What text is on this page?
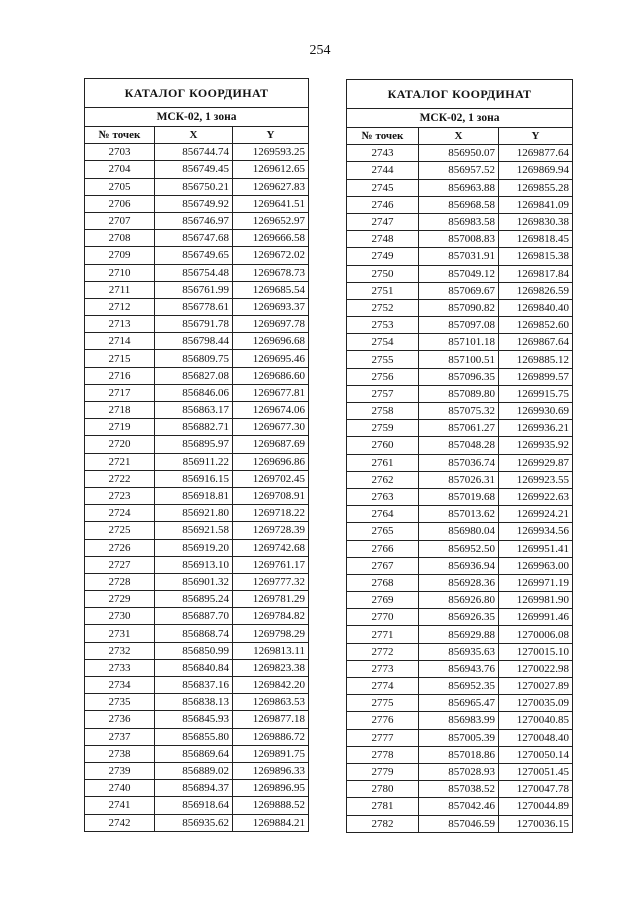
254
КАТАЛОГ КООРДИНАТ		
МСК-02, 1 зона		
№ точек	X	Y
2703	856744.74	1269593.25
2704	856749.45	1269612.65
2705	856750.21	1269627.83
2706	856749.92	1269641.51
2707	856746.97	1269652.97
2708	856747.68	1269666.58
2709	856749.65	1269672.02
2710	856754.48	1269678.73
2711	856761.99	1269685.54
2712	856778.61	1269693.37
2713	856791.78	1269697.78
2714	856798.44	1269696.68
2715	856809.75	1269695.46
2716	856827.08	1269686.60
2717	856846.06	1269677.81
2718	856863.17	1269674.06
2719	856882.71	1269677.30
2720	856895.97	1269687.69
2721	856911.22	1269696.86
2722	856916.15	1269702.45
2723	856918.81	1269708.91
2724	856921.80	1269718.22
2725	856921.58	1269728.39
2726	856919.20	1269742.68
2727	856913.10	1269761.17
2728	856901.32	1269777.32
2729	856895.24	1269781.29
2730	856887.70	1269784.82
2731	856868.74	1269798.29
2732	856850.99	1269813.11
2733	856840.84	1269823.38
2734	856837.16	1269842.20
2735	856838.13	1269863.53
2736	856845.93	1269877.18
2737	856855.80	1269886.72
2738	856869.64	1269891.75
2739	856889.02	1269896.33
2740	856894.37	1269896.95
2741	856918.64	1269888.52
2742	856935.62	1269884.21
КАТАЛОГ КООРДИНАТ		
МСК-02, 1 зона		
№ точек	X	Y
2743	856950.07	1269877.64
2744	856957.52	1269869.94
2745	856963.88	1269855.28
2746	856968.58	1269841.09
2747	856983.58	1269830.38
2748	857008.83	1269818.45
2749	857031.91	1269815.38
2750	857049.12	1269817.84
2751	857069.67	1269826.59
2752	857090.82	1269840.40
2753	857097.08	1269852.60
2754	857101.18	1269867.64
2755	857100.51	1269885.12
2756	857096.35	1269899.57
2757	857089.80	1269915.75
2758	857075.32	1269930.69
2759	857061.27	1269936.21
2760	857048.28	1269935.92
2761	857036.74	1269929.87
2762	857026.31	1269923.55
2763	857019.68	1269922.63
2764	857013.62	1269924.21
2765	856980.04	1269934.56
2766	856952.50	1269951.41
2767	856936.94	1269963.00
2768	856928.36	1269971.19
2769	856926.80	1269981.90
2770	856926.35	1269991.46
2771	856929.88	1270006.08
2772	856935.63	1270015.10
2773	856943.76	1270022.98
2774	856952.35	1270027.89
2775	856965.47	1270035.09
2776	856983.99	1270040.85
2777	857005.39	1270048.40
2778	857018.86	1270050.14
2779	857028.93	1270051.45
2780	857038.52	1270047.78
2781	857042.46	1270044.89
2782	857046.59	1270036.15
